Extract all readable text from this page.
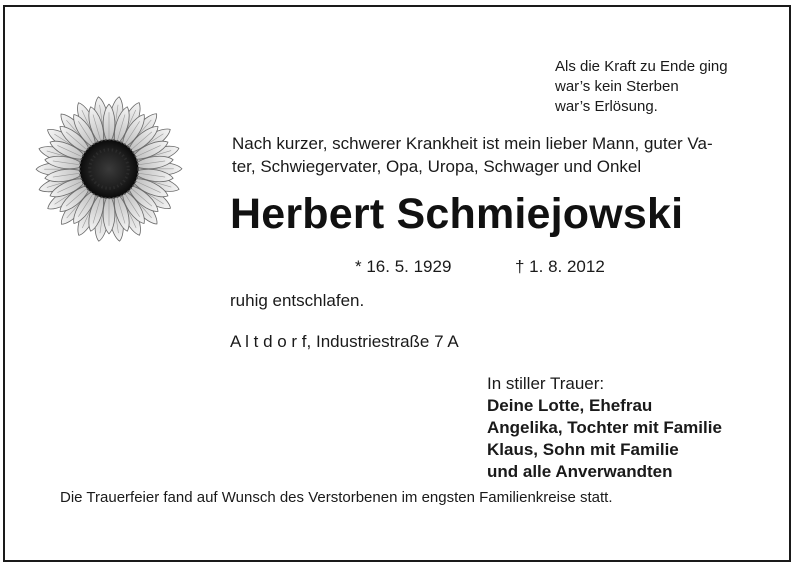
Als die Kraft zu Ende ging
war’s kein Sterben
war’s Erlösung.
Nach kurzer, schwerer Krankheit ist mein lieber Mann, guter Va-
ter, Schwiegervater, Opa, Uropa, Schwager und Onkel
Herbert Schmiejowski
* 16. 5. 1929	† 1. 8. 2012
ruhig entschlafen.
A l t d o r f, Industriestraße 7 A
In stiller Trauer:
Deine Lotte, Ehefrau
Angelika, Tochter mit Familie
Klaus, Sohn mit Familie
und alle Anverwandten
Die Trauerfeier fand auf Wunsch des Verstorbenen im engsten Familienkreise statt.
